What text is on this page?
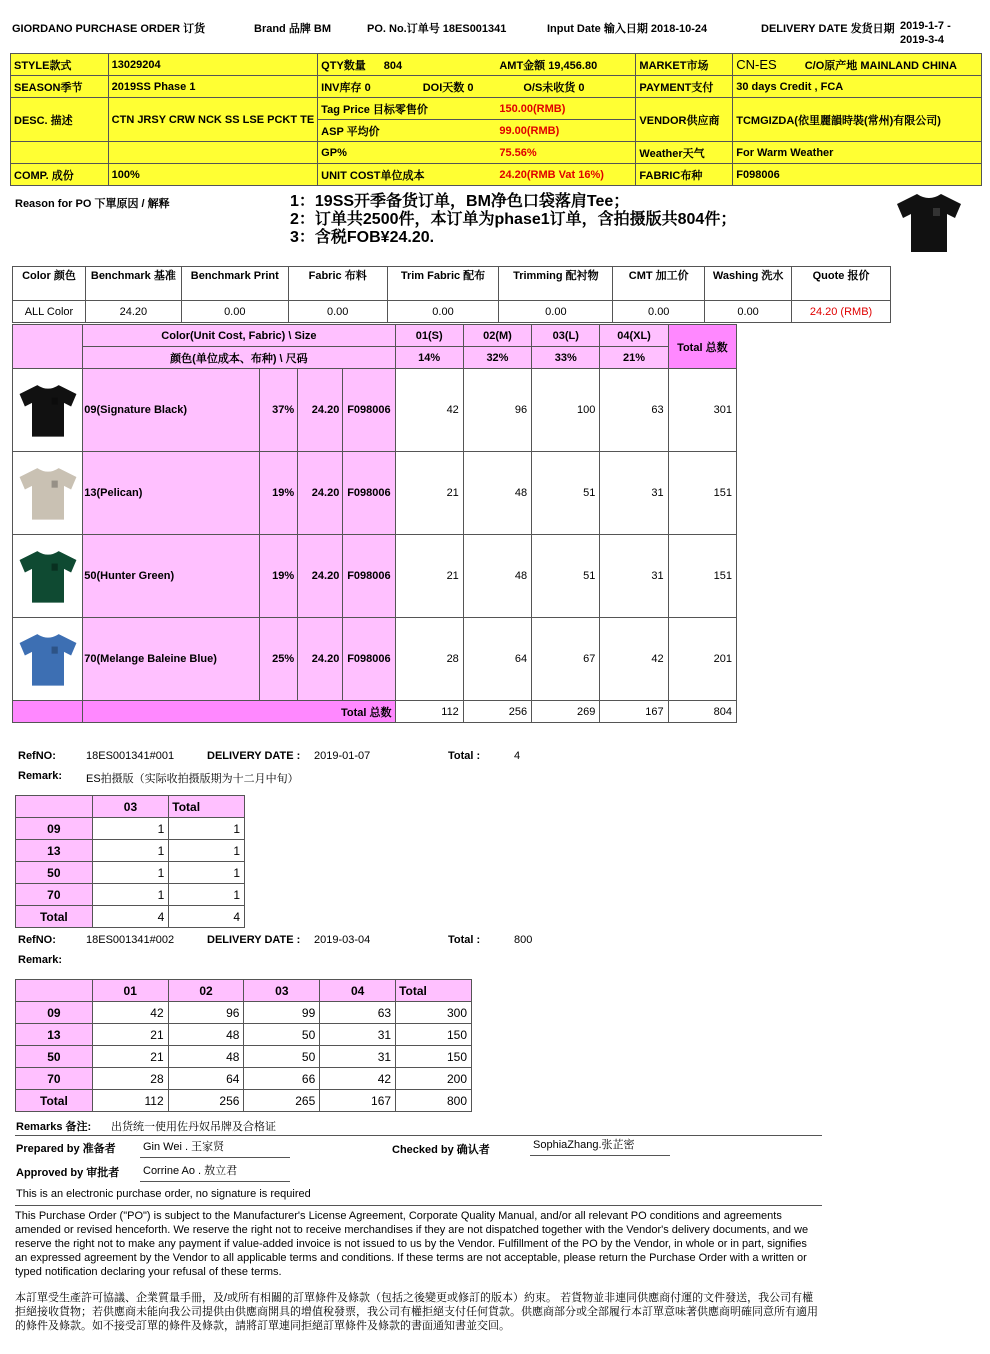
GIORDANO PURCHASE ORDER 订货	Brand 品牌 BM	PO. No.订单号 18ES001341	Input Date 输入日期 2018-10-24	DELIVERY DATE 发货日期 2019-1-7 -
2019-3-4
STYLE款式	13029204	QTY数量 804	AMT金额 19,456.80	MARKET市场	CN-ES C/O原产地 MAINLAND CHINA
SEASON季节	2019SS Phase 1	INV库存 0 DOI天数 0	O/S未收货 0	PAYMENT支付	30 days Credit , FCA
DESC. 描述	CTN JRSY CRW NCK SS LSE PCKT TE	Tag Price 目标零售价	150.00(RMB)	VENDOR供应商	TCMGIZDA(依里麗韻時裝(常州)有限公司)
		ASP 平均价	99.00(RMB)		
		GP%	75.56%	Weather天气	For Warm Weather
COMP. 成份	100%	UNIT COST单位成本	24.20(RMB Vat 16%)	FABRIC布种	F098006
Reason for PO 下單原因 / 解释	1：19SS开季备货订单，BM净色口袋落肩Tee；
2：订单共2500件，本订单为phase1订单，含拍摄版共804件；
3：含税FOB¥24.20.
Color 颜色	Benchmark 基准	Benchmark Print	Fabric 布料	Trim Fabric 配布	Trimming 配衬物	CMT 加工价	Washing 洗水	Quote 报价
ALL Color	24.20	0.00	0.00	0.00	0.00	0.00	0.00	24.20 (RMB)
	Color(Unit Cost, Fabric) \ Size				01(S)	02(M)	03(L)	04(XL)	Total 总数
	颜色(单位成本、布种) \ 尺码				14%	32%	33%	21%	

	09(Signature Black)	37%	24.20	F098006	42	96	100	63	301

	13(Pelican)	19%	24.20	F098006	21	48	51	31	151

	50(Hunter Green)	19%	24.20	F098006	21	48	51	31	151

	70(Melange Baleine Blue)	25%	24.20	F098006	28	64	67	42	201
	Total 总数				112	256	269	167	804
RefNO:	18ES001341#001	DELIVERY DATE : 2019-01-07	Total :	4
Remark: ES拍摄版（实际收拍摄版期为十二月中旬）
	03	Total
09	1	1
13	1	1
50	1	1
70	1	1
Total	4	4
RefNO:	18ES001341#002	DELIVERY DATE : 2019-03-04	Total :	800
Remark:
	01	02	03	04	Total
09	42	96	99	63	300
13	21	48	50	31	150
50	21	48	50	31	150
70	28	64	66	42	200
Total	112	256	265	167	800
Remarks 备注: 出货统一使用佐丹奴吊牌及合格证
Prepared by 准备者 Gin Wei . 王家贤	Checked by 确认者	SophiaZhang.张芷密
Approved by 审批者 Corrine Ao . 敖立君
This is an electronic purchase order, no signature is required
This Purchase Order ("PO") is subject to the Manufacturer's License Agreement, Corporate Quality Manual, and/or all relevant PO conditions and agreements amended or revised henceforth. We reserve the right not to receive merchandises if they are not dispatched together with the Vendor's delivery documents, and we reserve the right not to make any payment if value-added invoice is not issued to us by the Vendor. Fulfillment of the PO by the Vendor, in whole or in part, signifies an expressed agreement by the Vendor to all applicable terms and conditions. If these terms are not acceptable, please return the Purchase Order with a written or typed notification declaring your refusal of these terms.
本訂單受生產許可協議、企業質量手冊，及/或所有相關的訂單條件及條款（包括之後變更或修訂的版本）約束。 若貨物並非連同供應商付運的文件發送，我公司有權拒絕接收貨物；若供應商未能向我公司提供由供應商開具的增值稅發票，我公司有權拒絕支付任何貨款。供應商部分或全部履行本訂單意味著供應商明確同意所有適用的條件及條款。如不接受訂單的條件及條款，請將訂單連同拒絕訂單條件及條款的書面通知書並交回。
